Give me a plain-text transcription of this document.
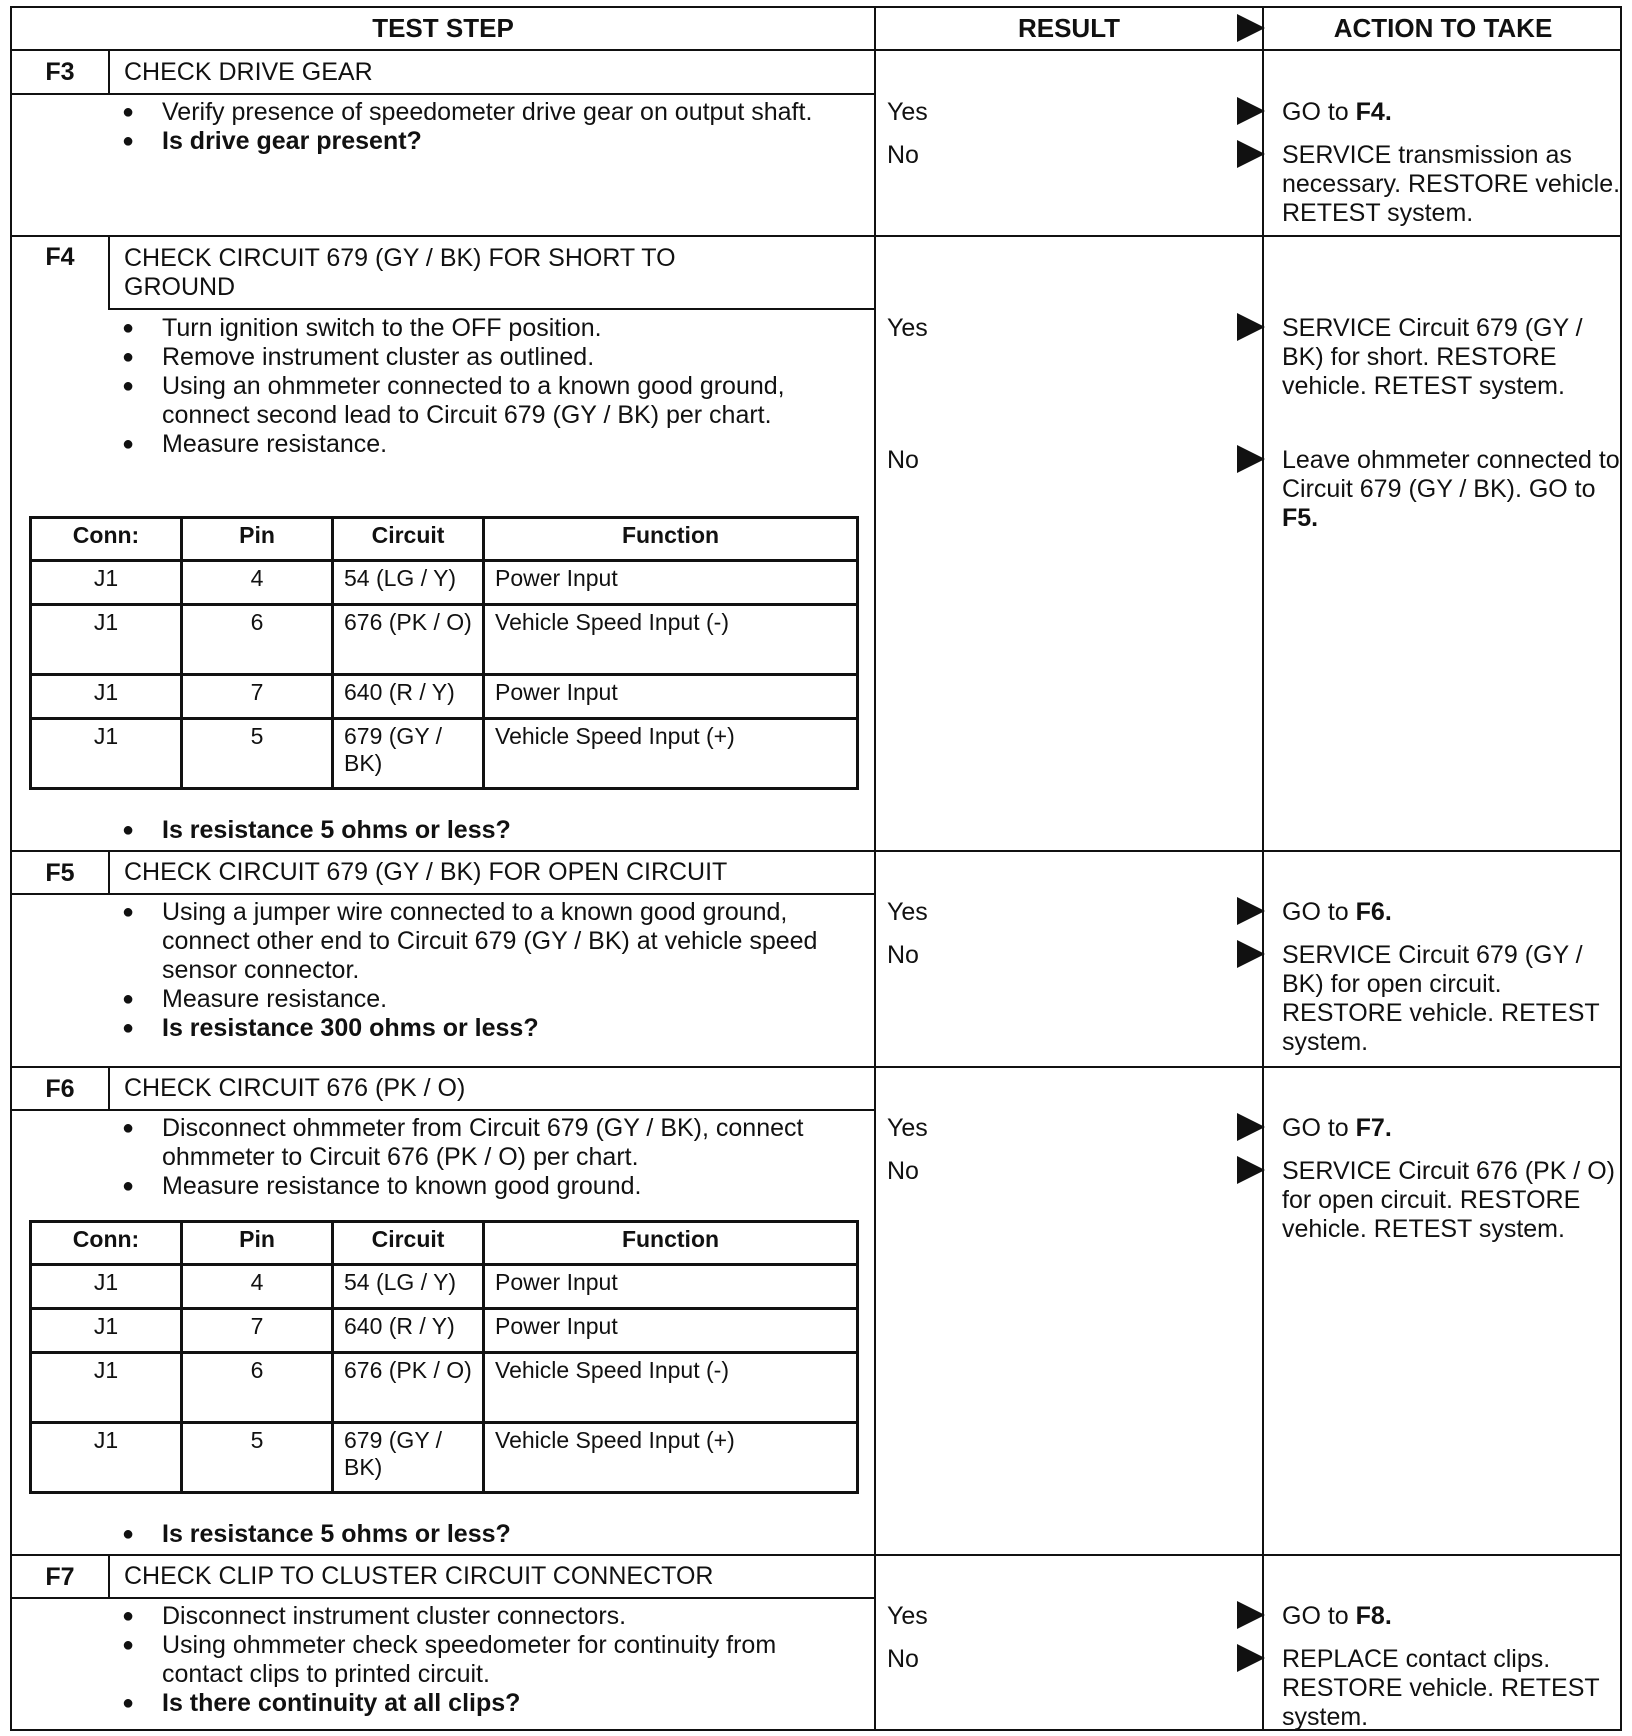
TEST STEP	RESULT	ACTION TO TAKE
F3	CHECK DRIVE GEAR
● Verify presence of speedometer drive gear on output shaft.
● Is drive gear present?
Yes	GO to F4.
No	SERVICE transmission as necessary. RESTORE vehicle. RETEST system.
F4	CHECK CIRCUIT 679 (GY / BK) FOR SHORT TO GROUND
● Turn ignition switch to the OFF position.
● Remove instrument cluster as outlined.
● Using an ohmmeter connected to a known good ground, connect second lead to Circuit 679 (GY / BK) per chart.
● Measure resistance.
Conn:	Pin	Circuit	Function
J1	4	54 (LG / Y)	Power Input
J1	6	676 (PK / O)	Vehicle Speed Input (-)
J1	7	640 (R / Y)	Power Input
J1	5	679 (GY / BK)	Vehicle Speed Input (+)
● Is resistance 5 ohms or less?
Yes	SERVICE Circuit 679 (GY / BK) for short. RESTORE vehicle. RETEST system.
No	Leave ohmmeter connected to Circuit 679 (GY / BK). GO to F5.
F5	CHECK CIRCUIT 679 (GY / BK) FOR OPEN CIRCUIT
● Using a jumper wire connected to a known good ground, connect other end to Circuit 679 (GY / BK) at vehicle speed sensor connector.
● Measure resistance.
● Is resistance 300 ohms or less?
Yes	GO to F6.
No	SERVICE Circuit 679 (GY / BK) for open circuit. RESTORE vehicle. RETEST system.
F6	CHECK CIRCUIT 676 (PK / O)
● Disconnect ohmmeter from Circuit 679 (GY / BK), connect ohmmeter to Circuit 676 (PK / O) per chart.
● Measure resistance to known good ground.
Conn:	Pin	Circuit	Function
J1	4	54 (LG / Y)	Power Input
J1	7	640 (R / Y)	Power Input
J1	6	676 (PK / O)	Vehicle Speed Input (-)
J1	5	679 (GY / BK)	Vehicle Speed Input (+)
● Is resistance 5 ohms or less?
Yes	GO to F7.
No	SERVICE Circuit 676 (PK / O) for open circuit. RESTORE vehicle. RETEST system.
F7	CHECK CLIP TO CLUSTER CIRCUIT CONNECTOR
● Disconnect instrument cluster connectors.
● Using ohmmeter check speedometer for continuity from contact clips to printed circuit.
● Is there continuity at all clips?
Yes	GO to F8.
No	REPLACE contact clips. RESTORE vehicle. RETEST system.
